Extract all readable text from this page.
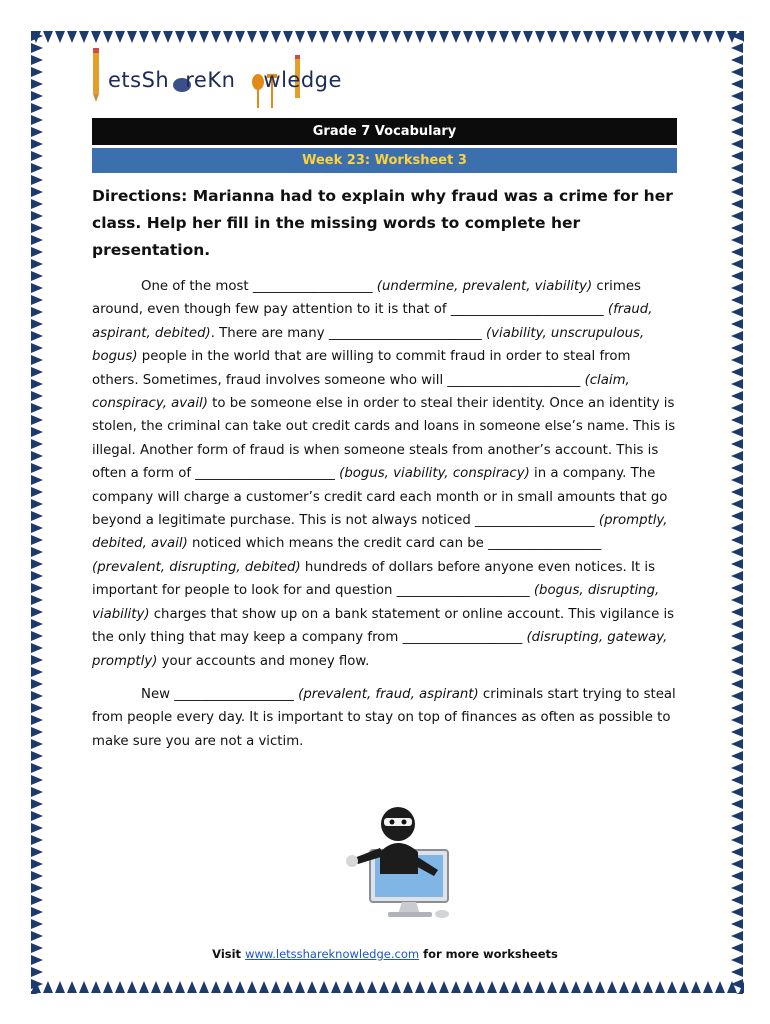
etsSh reKn wledge
Grade 7 Vocabulary
Week 23: Worksheet 3
Directions: Marianna had to explain why fraud was a crime for her class. Help her fill in the missing words to complete her presentation.

One of the most __________________ (undermine, prevalent, viability) crimes around, even though few pay attention to it is that of _______________________ (fraud, aspirant, debited). There are many _______________________ (viability, unscrupulous, bogus) people in the world that are willing to commit fraud in order to steal from others. Sometimes, fraud involves someone who will ____________________ (claim, conspiracy, avail) to be someone else in order to steal their identity. Once an identity is stolen, the criminal can take out credit cards and loans in someone else’s name. This is illegal. Another form of fraud is when someone steals from another’s account. This is often a form of _____________________ (bogus, viability, conspiracy) in a company. The company will charge a customer’s credit card each month or in small amounts that go beyond a legitimate purchase. This is not always noticed __________________ (promptly, debited, avail) noticed which means the credit card can be _________________ (prevalent, disrupting, debited) hundreds of dollars before anyone even notices. It is important for people to look for and question ____________________ (bogus, disrupting, viability) charges that show up on a bank statement or online account. This vigilance is the only thing that may keep a company from __________________ (disrupting, gateway, promptly) your accounts and money flow.

New __________________ (prevalent, fraud, aspirant) criminals start trying to steal from people every day. It is important to stay on top of finances as often as possible to make sure you are not a victim.

Visit www.letsshareknowledge.com for more worksheets
